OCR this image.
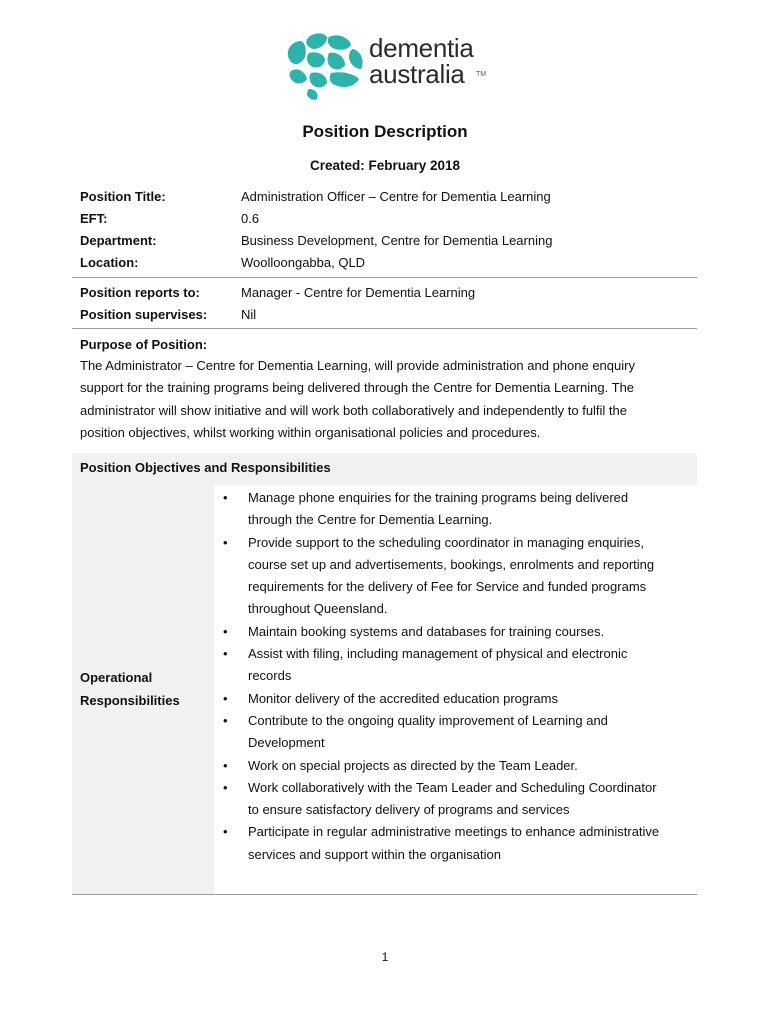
dementia
australia TM
Position Description
Created: February 2018
Position Title:	Administration Officer – Centre for Dementia Learning
EFT:	0.6
Department:	Business Development, Centre for Dementia Learning
Location:	Woolloongabba, QLD
Position reports to:	Manager - Centre for Dementia Learning
Position supervises:	Nil
Purpose of Position:
The Administrator – Centre for Dementia Learning, will provide administration and phone enquiry
support for the training programs being delivered through the Centre for Dementia Learning. The
administrator will show initiative and will work both collaboratively and independently to fulfil the
position objectives, whilst working within organisational policies and procedures.
Position Objectives and Responsibilities
Operational
Responsibilities
• Manage phone enquiries for the training programs being delivered
through the Centre for Dementia Learning.
• Provide support to the scheduling coordinator in managing enquiries,
course set up and advertisements, bookings, enrolments and reporting
requirements for the delivery of Fee for Service and funded programs
throughout Queensland.
• Maintain booking systems and databases for training courses.
• Assist with filing, including management of physical and electronic
records
• Monitor delivery of the accredited education programs
• Contribute to the ongoing quality improvement of Learning and
Development
• Work on special projects as directed by the Team Leader.
• Work collaboratively with the Team Leader and Scheduling Coordinator
to ensure satisfactory delivery of programs and services
• Participate in regular administrative meetings to enhance administrative
services and support within the organisation
1
